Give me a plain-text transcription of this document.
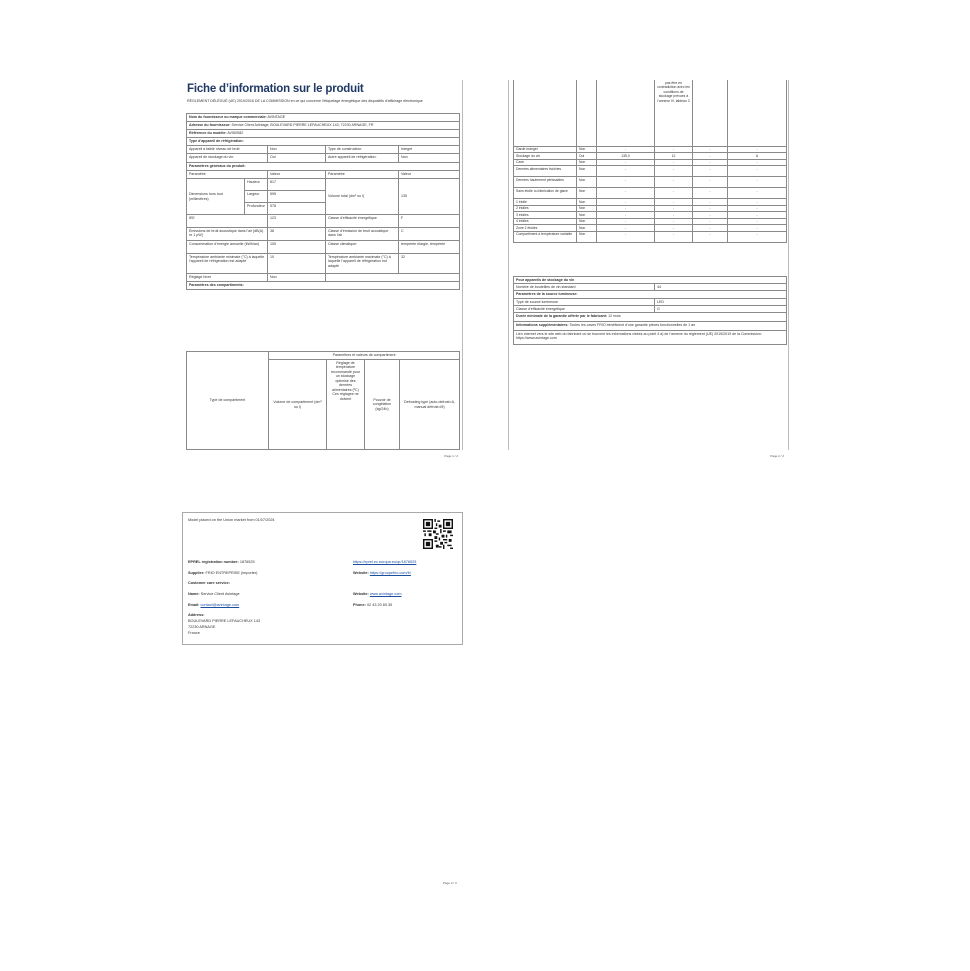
Fiche d’information sur le produit
RÈGLEMENT DÉLÉGUÉ (UE) 2019/2016 DE LA COMMISSION en ce qui concerne l’étiquetage énergétique des dispositifs d’affichage électronique
Nom du fournisseur ou marque commerciale: AVINTAGE				
Adresse du fournisseur: Service Client Avintage, BOULEVARD PIERRE LEFAUCHEUX 143, 72230 ARNAGE, FR				
Référence du modèle: AVI50S82				
Type d’appareil de réfrigération:				
Appareil à faible niveau de bruit:		Non	Type de construction:	Intégré
Appareil de stockage du vin:		Oui	Autre appareil de réfrigération:	Non
Paramètres généraux du produit:				
Paramètre		Valeur	Paramètre	Valeur
Dimensions hors tout (millimètres)	Hauteur	817	Volume total (dm³ ou l)	135
	Largeur	595		
	Profondeur	578		
IEE		123	Classe d’efficacité énergétique	F
Émissions de bruit acoustique dans l’air [dB(A) re 1 pW]		38	Classe d’émission de bruit acoustique dans l’air	C
Consommation d’énergie annuelle (kWh/an)		105	Classe climatique:	tempérée élargie, tempérée
Température ambiante minimale (°C) à laquelle l’appareil de réfrigération est adapté		10	Température ambiante maximale (°C) à laquelle l’appareil de réfrigération est adapté	32
Réglage hiver		Non		
Paramètres des compartiments:				
Type de compartiment	Paramètres et valeurs de compartiment			
	Volume de compartiment (dm³ ou l)	Réglage de température recommandé pour un stockage optimisé des denrées alimentaires (ºC) Ces réglages ne doivent	Pouvoir de congélation (kg/24h)	Defrosting type (auto-defrost=A, manual defrost=M)
Page 1 / 2
			pas être en contradiction avec les conditions de stockage prévues à l’annexe IV, tableau 3		
Garde manger	Non	-	-	-	-
Stockage du vin	Oui	135,0	12	-	A
Cave	Non	-	-	-	-
Denrées alimentaires fraîches	Non	-	-	-	-
Denrées hautement périssables	Non	-	-	-	-
Sans étoile ou fabrication de glace	Non	-	-	-	-
1 étoile	Non	-	-	-	-
2 étoiles	Non	-	-	-	-
3 étoiles	Non	-	-	-	-
4 étoiles	Non	-	-	-	-
Zone 2 étoiles	Non	-	-	-	-
Compartiment à température variable	Non	-	-	-	-
Pour appareils de stockage du vin	
Nombre de bouteilles de vin standard	44
Paramètres de la source lumineuse:	
Type de source lumineuse	LED
Classe d’efficacité énergétique	G
Durée minimale de la garantie offerte par le fabricant: 12 mois	
Informations supplémentaires: Toutes les caves FRIO bénéficient d’une garantie pièces fonctionnelles de 1 an	
Lien internet vers le site web du fabricant où se trouvent les informations visées au point 4 a) de l’annexe du règlement (UE) 2019/2019 de la Commission: https://www.avintage.com	
Page 2 / 2
Model placed on the Union market from 01/07/2024
EPREL registration number: 1876525	https://eprel.ec.europa.eu/qr/1876525
Supplier: FRIO ENTREPRISE (importer)	Website: https://groupefrio.com/fr/
Customer care service:
Name: Service Client Avintage	Website: www.avintage.com
Email: contact@avintage.com	Phone: 02 43 20 69 35
Address:
BOULEVARD PIERRE LEFAUCHEUX 143
72230 ARNAGE
France
Page 3 / 3
